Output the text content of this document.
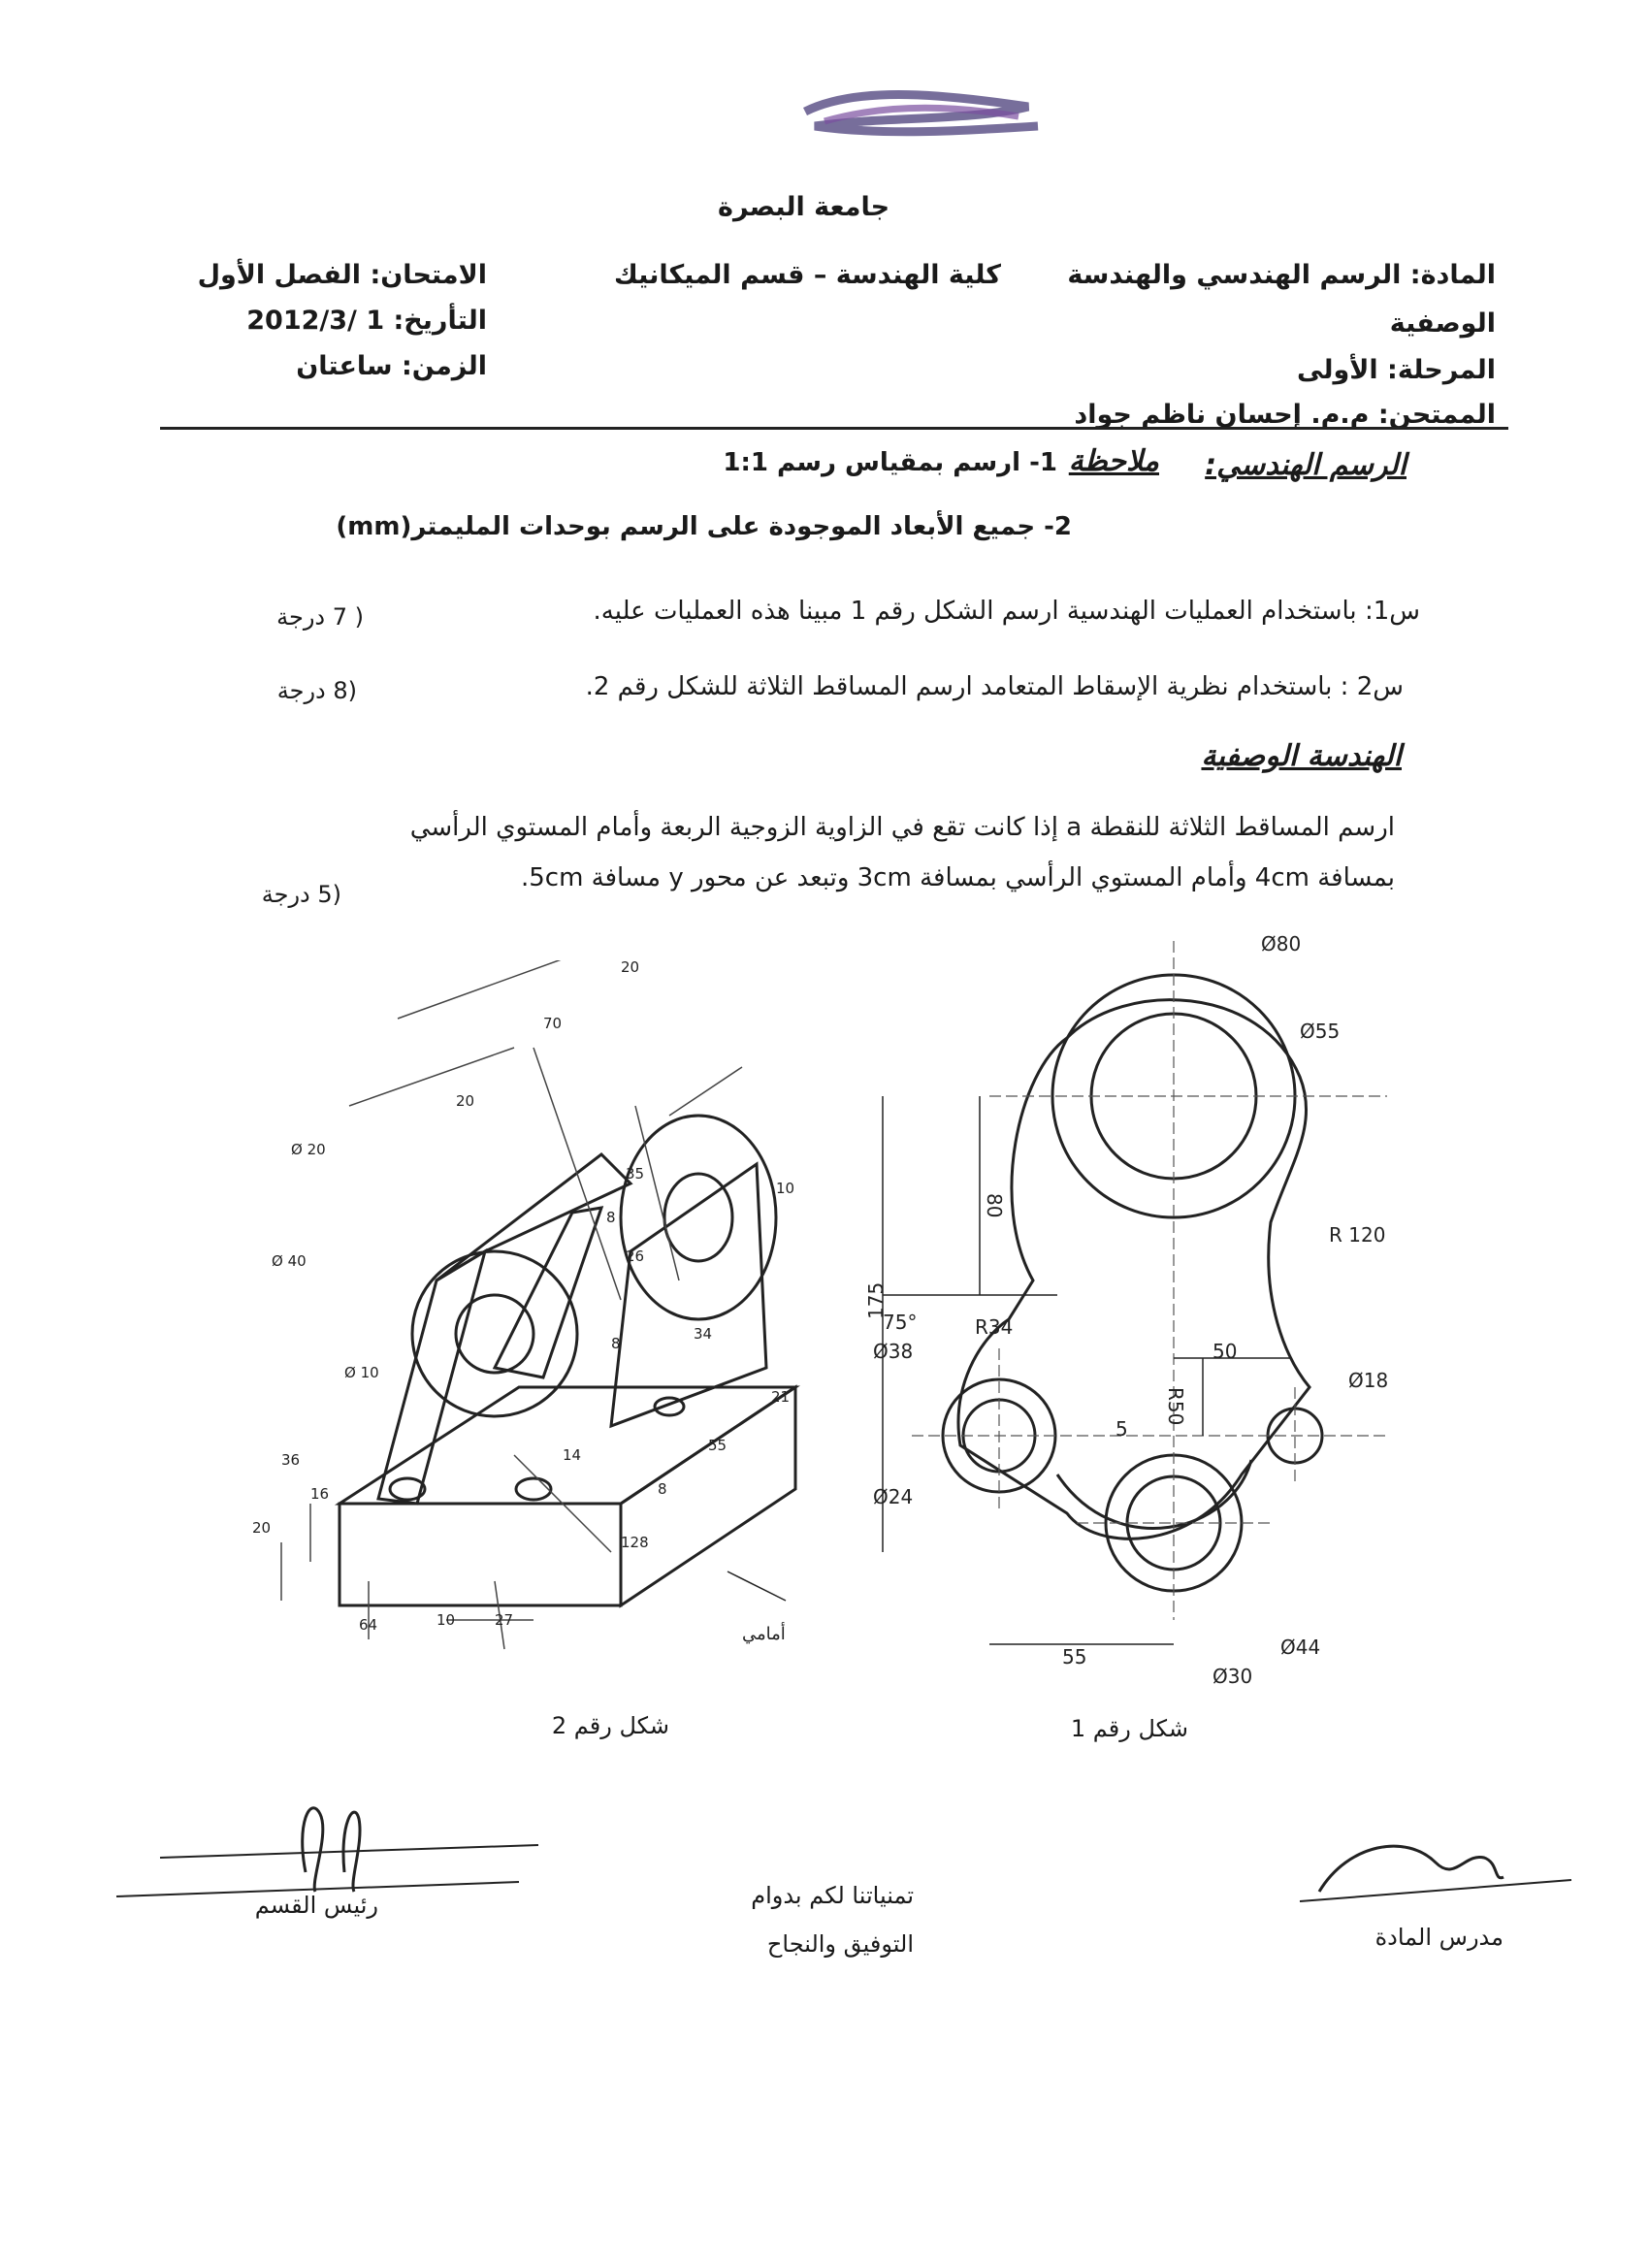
جامعة البصرة
كلية الهندسة – قسم الميكانيك	المادة: الرسم الهندسي والهندسة
الوصفية
المرحلة: الأولى
الممتحن: م.م. إحسان ناظم جواد
الامتحان: الفصل الأول
التأريخ: 1 /2012/3
الزمن: ساعتان
الرسم الهندسي:
ملاحظة
1- ارسم بمقياس رسم 1:1
2- جميع الأبعاد الموجودة على الرسم بوحدات المليمتر(mm)
س1: باستخدام العمليات الهندسية ارسم الشكل رقم 1 مبينا هذه العمليات عليه.
( 7 درجة
س2 : باستخدام نظرية الإسقاط المتعامد ارسم المساقط الثلاثة للشكل رقم 2.
(8 درجة
الهندسة الوصفية
ارسم المساقط الثلاثة للنقطة a إذا كانت تقع في الزاوية الزوجية الربعة وأمام المستوي الرأسي
بمسافة 4cm وأمام المستوي الرأسي بمسافة 3cm وتبعد عن محور y مسافة 5cm.
(5 درجة
20
70
20
35
10
Ø 20
8
26
Ø 40
8
34
Ø 10
21
36	14
55
16	8
20
128
64	10	27
أمامي
Ø80
Ø55
R 120
80
175
75°	R34
50
Ø38
Ø18
R50
5
Ø24
Ø44
Ø30
55
شكل رقم 2	شكل رقم 1
رئيس القسم	تمنياتنا لكم بدوام
التوفيق والنجاح	مدرس المادة
